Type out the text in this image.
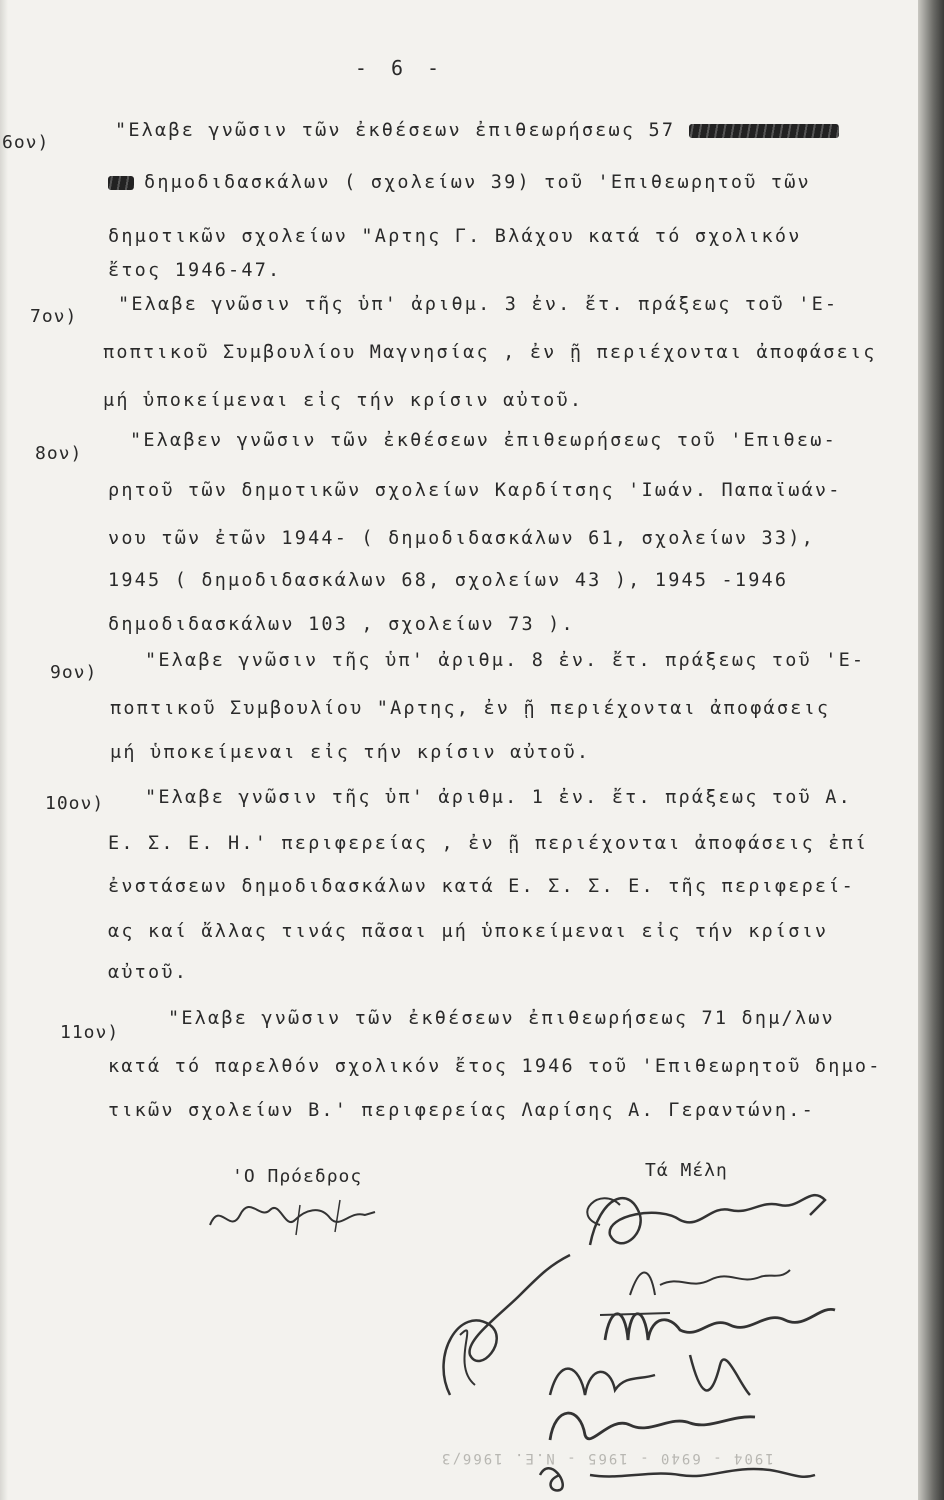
- 6 -
6ον)
"Ελαβε γνῶσιν τῶν ἐκθέσεων ἐπιθεωρήσεως 57
δημοδιδασκάλων ( σχολείων 39) τοῦ 'Επιθεωρητοῦ τῶν
δημοτικῶν σχολείων "Αρτης Γ. Βλάχου κατά τό σχολικόν
ἔτος 1946-47.
7ον)
"Ελαβε γνῶσιν τῆς ὑπ' ἀριθμ. 3 ἐν. ἔτ. πράξεως τοῦ 'Ε-
ποπτικοῦ Συμβουλίου Μαγνησίας , ἐν ῇ περιέχονται ἀποφάσεις
μή ὑποκείμεναι εἰς τήν κρίσιν αὐτοῦ.
8ον)
"Ελαβεν γνῶσιν τῶν ἐκθέσεων ἐπιθεωρήσεως τοῦ 'Επιθεω-
ρητοῦ τῶν δημοτικῶν σχολείων Καρδίτσης 'Ιωάν. Παπαϊωάν-
νου τῶν ἐτῶν 1944- ( δημοδιδασκάλων 61, σχολείων 33),
1945 ( δημοδιδασκάλων 68, σχολείων 43 ), 1945 -1946
δημοδιδασκάλων 103 , σχολείων 73 ).
9ον)
"Ελαβε γνῶσιν τῆς ὑπ' ἀριθμ. 8 ἐν. ἔτ. πράξεως τοῦ 'Ε-
ποπτικοῦ Συμβουλίου "Αρτης, ἐν ῇ περιέχονται ἀποφάσεις
μή ὑποκείμεναι εἰς τήν κρίσιν αὐτοῦ.
10ον) "Ελαβε γνῶσιν τῆς ὑπ' ἀριθμ. 1 ἐν. ἔτ. πράξεως τοῦ Α.
Ε. Σ. Ε. Η.' περιφερείας , ἐν ῇ περιέχονται ἀποφάσεις ἐπί
ἐνστάσεων δημοδιδασκάλων κατά Ε. Σ. Σ. Ε. τῆς περιφερεί-
ας καί ἄλλας τινάς πᾶσαι μή ὑποκείμεναι εἰς τήν κρίσιν
αὐτοῦ.
11ον)
"Ελαβε γνῶσιν τῶν ἐκθέσεων ἐπιθεωρήσεως 71 δημ/λων
κατά τό παρελθόν σχολικόν ἔτος 1946 τοῦ 'Επιθεωρητοῦ δημο-
τικῶν σχολείων Β.' περιφερείας Λαρίσης Α. Γεραντώνη.-
'Ο Πρόεδρος	Τά Μέλη
1904 - 6940 - 1965 - Ν.Ε. 1966/3
